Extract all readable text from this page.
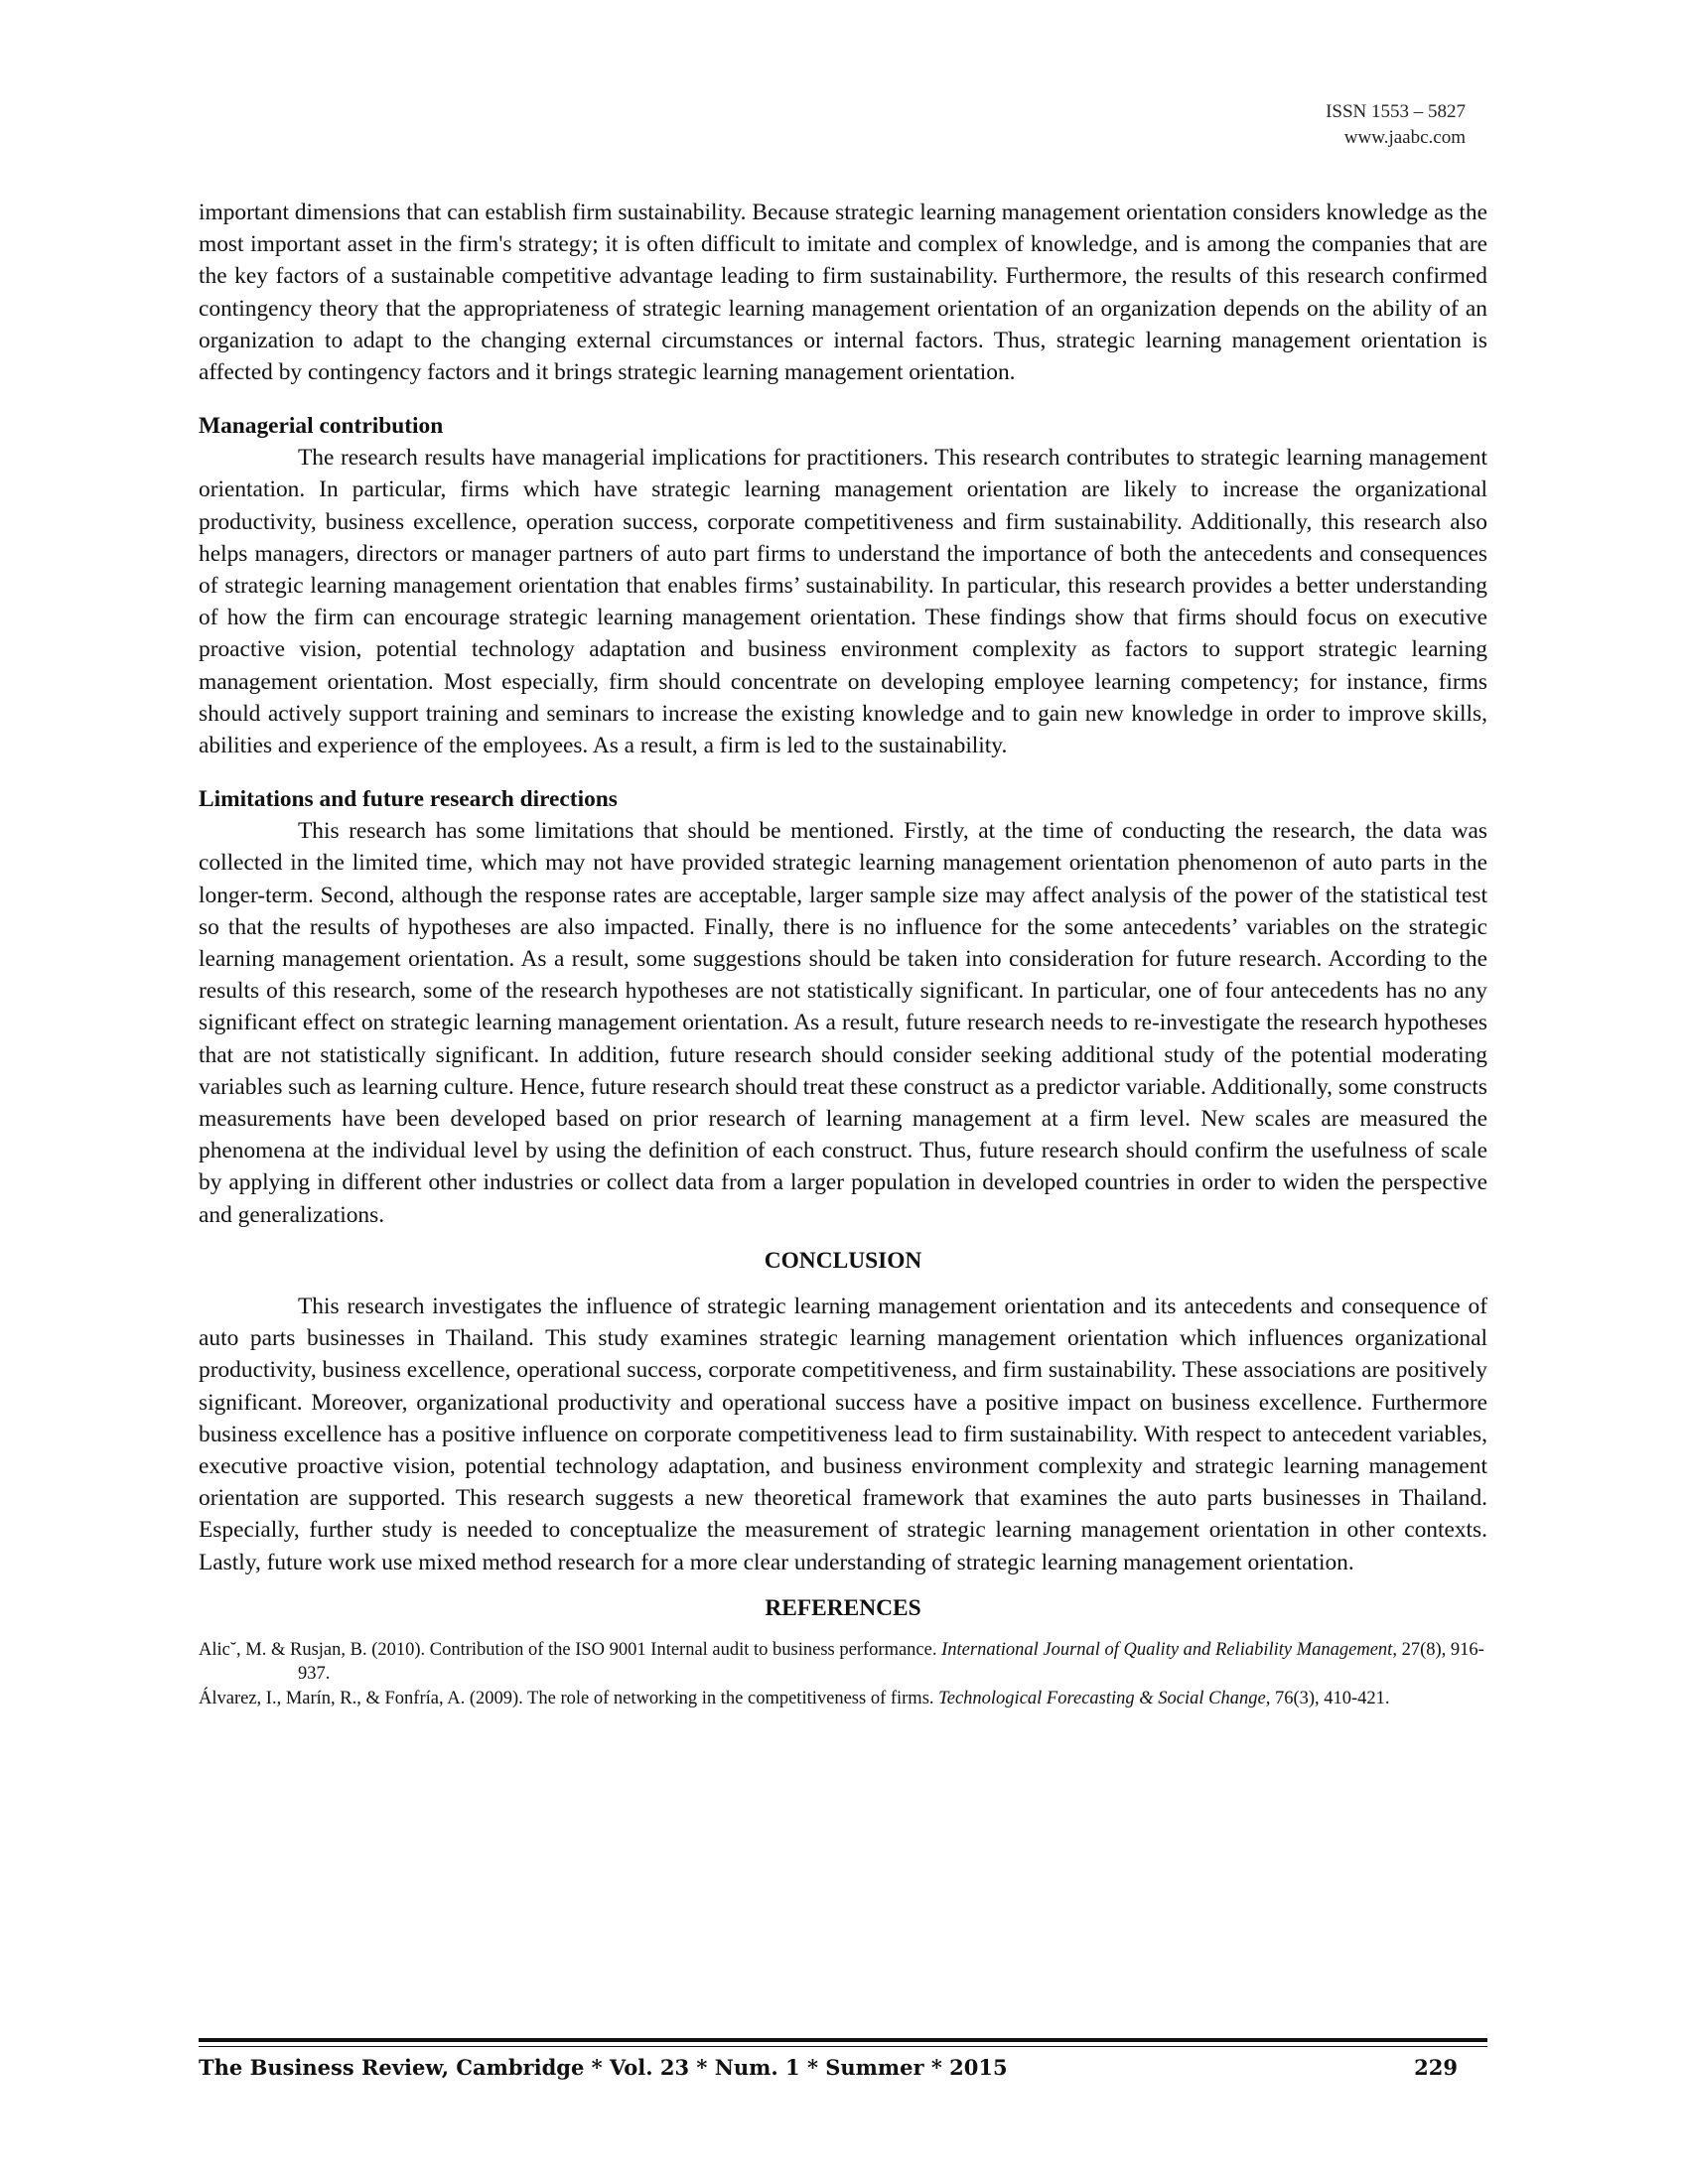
ISSN 1553 – 5827
www.jaabc.com

important dimensions that can establish firm sustainability. Because strategic learning management orientation considers knowledge as the most important asset in the firm's strategy; it is often difficult to imitate and complex of knowledge, and is among the companies that are the key factors of a sustainable competitive advantage leading to firm sustainability. Furthermore, the results of this research confirmed contingency theory that the appropriateness of strategic learning management orientation of an organization depends on the ability of an organization to adapt to the changing external circumstances or internal factors. Thus, strategic learning management orientation is affected by contingency factors and it brings strategic learning management orientation.

Managerial contribution

The research results have managerial implications for practitioners. This research contributes to strategic learning management orientation. In particular, firms which have strategic learning management orientation are likely to increase the organizational productivity, business excellence, operation success, corporate competitiveness and firm sustainability. Additionally, this research also helps managers, directors or manager partners of auto part firms to understand the importance of both the antecedents and consequences of strategic learning management orientation that enables firms’ sustainability. In particular, this research provides a better understanding of how the firm can encourage strategic learning management orientation. These findings show that firms should focus on executive proactive vision, potential technology adaptation and business environment complexity as factors to support strategic learning management orientation. Most especially, firm should concentrate on developing employee learning competency; for instance, firms should actively support training and seminars to increase the existing knowledge and to gain new knowledge in order to improve skills, abilities and experience of the employees. As a result, a firm is led to the sustainability.

Limitations and future research directions

This research has some limitations that should be mentioned. Firstly, at the time of conducting the research, the data was collected in the limited time, which may not have provided strategic learning management orientation phenomenon of auto parts in the longer-term. Second, although the response rates are acceptable, larger sample size may affect analysis of the power of the statistical test so that the results of hypotheses are also impacted. Finally, there is no influence for the some antecedents’ variables on the strategic learning management orientation. As a result, some suggestions should be taken into consideration for future research. According to the results of this research, some of the research hypotheses are not statistically significant. In particular, one of four antecedents has no any significant effect on strategic learning management orientation. As a result, future research needs to re-investigate the research hypotheses that are not statistically significant. In addition, future research should consider seeking additional study of the potential moderating variables such as learning culture. Hence, future research should treat these construct as a predictor variable. Additionally, some constructs measurements have been developed based on prior research of learning management at a firm level. New scales are measured the phenomena at the individual level by using the definition of each construct. Thus, future research should confirm the usefulness of scale by applying in different other industries or collect data from a larger population in developed countries in order to widen the perspective and generalizations.

CONCLUSION

This research investigates the influence of strategic learning management orientation and its antecedents and consequence of auto parts businesses in Thailand. This study examines strategic learning management orientation which influences organizational productivity, business excellence, operational success, corporate competitiveness, and firm sustainability. These associations are positively significant. Moreover, organizational productivity and operational success have a positive impact on business excellence. Furthermore business excellence has a positive influence on corporate competitiveness lead to firm sustainability. With respect to antecedent variables, executive proactive vision, potential technology adaptation, and business environment complexity and strategic learning management orientation are supported. This research suggests a new theoretical framework that examines the auto parts businesses in Thailand. Especially, further study is needed to conceptualize the measurement of strategic learning management orientation in other contexts. Lastly, future work use mixed method research for a more clear understanding of strategic learning management orientation.

REFERENCES

Alic˘, M. & Rusjan, B. (2010). Contribution of the ISO 9001 Internal audit to business performance. International Journal of Quality and Reliability Management, 27(8), 916-937.

Álvarez, I., Marín, R., & Fonfría, A. (2009). The role of networking in the competitiveness of firms. Technological Forecasting & Social Change, 76(3), 410-421.

The Business Review, Cambridge * Vol. 23 * Num. 1 * Summer * 2015	229
